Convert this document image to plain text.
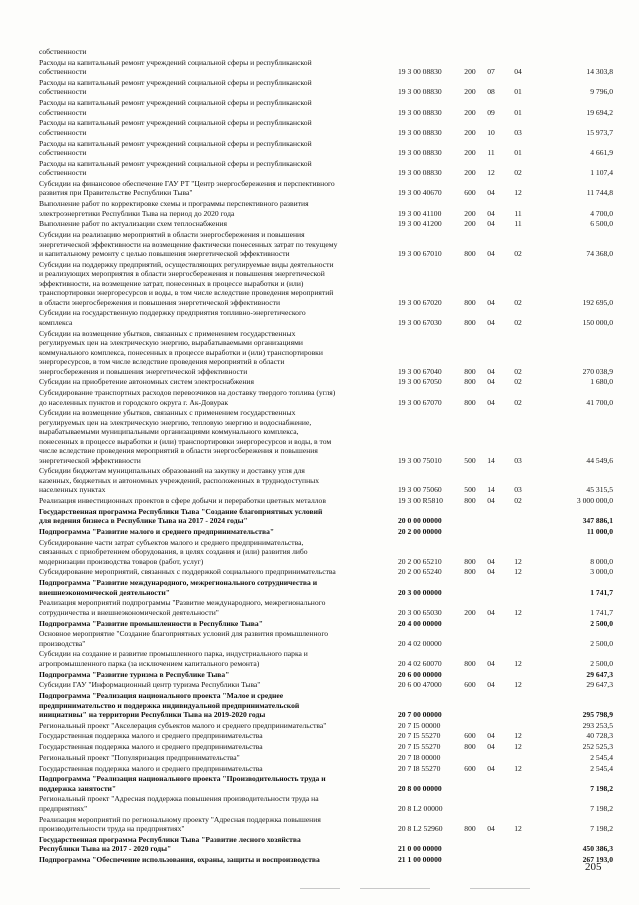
собственности
Расходы на капитальный ремонт учреждений социальной сферы и республиканской
собственности	19 3 00 08830	200	07	04	14 303,8
Расходы на капитальный ремонт учреждений социальной сферы и республиканской
собственности	19 3 00 08830	200	08	01	9 796,0
Расходы на капитальный ремонт учреждений социальной сферы и республиканской
собственности	19 3 00 08830	200	09	01	19 694,2
Расходы на капитальный ремонт учреждений социальной сферы и республиканской
собственности	19 3 00 08830	200	10	03	15 973,7
Расходы на капитальный ремонт учреждений социальной сферы и республиканской
собственности	19 3 00 08830	200	11	01	4 661,9
Расходы на капитальный ремонт учреждений социальной сферы и республиканской
собственности	19 3 00 08830	200	12	02	1 107,4
Субсидии на финансовое обеспечение ГАУ РТ "Центр энергосбережения и перспективного
развития при Правительстве Республики Тыва"	19 3 00 40670	600	04	12	11 744,8
Выполнение работ по корректировке схемы и программы перспективного развития
электроэнергетики Республики Тыва на период до 2020 года	19 3 00 41100	200	04	11	4 700,0
Выполнение работ по актуализации схем теплоснабжения	19 3 00 41200	200	04	11	6 500,0
Субсидии на реализацию мероприятий в области энергосбережения и повышения
энергетической эффективности на возмещение фактически понесенных затрат по текущему
и капитальному ремонту с целью повышения энергетической эффективности	19 3 00 67010	800	04	02	74 368,0
Субсидии на поддержку предприятий, осуществляющих регулируемые виды деятельности
и реализующих мероприятия в области энергосбережения и повышения энергетической
эффективности, на возмещение затрат, понесенных в процессе выработки и (или)
транспортировки энергоресурсов и воды, в том числе вследствие проведения мероприятий
в области энергосбережения и повышения энергетической эффективности	19 3 00 67020	800	04	02	192 695,0
Субсидии на государственную поддержку предприятия топливно-энергетического
комплекса	19 3 00 67030	800	04	02	150 000,0
Субсидии на возмещение убытков, связанных с применением государственных
регулируемых цен на электрическую энергию, вырабатываемыми организациями
коммунального комплекса, понесенных в процессе выработки и (или) транспортировки
энергоресурсов, в том числе вследствие проведения мероприятий в области
энергосбережения и повышения энергетической эффективности	19 3 00 67040	800	04	02	270 038,9
Субсидии на приобретение автономных систем электроснабжения	19 3 00 67050	800	04	02	1 680,0
Субсидирование транспортных расходов перевозчиков на доставку твердого топлива (угля)
до населенных пунктов и городского округа г. Ак-Довурак	19 3 00 67070	800	04	02	41 700,0
Субсидии на возмещение убытков, связанных с применением государственных
регулируемых цен на электрическую энергию, тепловую энергию и водоснабжение,
вырабатываемыми муниципальными организациями коммунального комплекса,
понесенных в процессе выработки и (или) транспортировки энергоресурсов и воды, в том
числе вследствие проведения мероприятий в области энергосбережения и повышения
энергетической эффективности	19 3 00 75010	500	14	03	44 549,6
Субсидии бюджетам муниципальных образований на закупку и доставку угля для
казенных, бюджетных и автономных учреждений, расположенных в труднодоступных
населенных пунктах	19 3 00 75060	500	14	03	45 315,5
Реализация инвестиционных проектов в сфере добычи и переработки цветных металлов	19 3 00 R5810	800	04	02	3 000 000,0
Государственная программа Республики Тыва "Создание благоприятных условий
для ведения бизнеса в Республике Тыва на 2017 - 2024 годы"	20 0 00 00000	347 886,1
Подпрограмма "Развитие малого и среднего предпринимательства"	20 2 00 00000	11 000,0
Субсидирование части затрат субъектов малого и среднего предпринимательства,
связанных с приобретением оборудования, в целях создания и (или) развития либо
модернизации производства товаров (работ, услуг)	20 2 00 65210	800	04	12	8 000,0
Субсидирование мероприятий, связанных с поддержкой социального предпринимательства	20 2 00 65240	800	04	12	3 000,0
Подпрограмма "Развитие международного, межрегионального сотрудничества и
внешнеэкономической деятельности"	20 3 00 00000	1 741,7
Реализация мероприятий подпрограммы "Развитие международного, межрегионального
сотрудничества и внешнеэкономической деятельности"	20 3 00 65030	200	04	12	1 741,7
Подпрограмма "Развитие промышленности в Республике Тыва"	20 4 00 00000	2 500,0
Основное мероприятие "Создание благоприятных условий для развития промышленного
производства"	20 4 02 00000	2 500,0
Субсидии на создание и развитие промышленного парка, индустриального парка и
агропромышленного парка (за исключением капитального ремонта)	20 4 02 60070	800	04	12	2 500,0
Подпрограмма "Развитие туризма в Республике Тыва"	20 6 00 00000	29 647,3
Субсидии ГАУ "Информационный центр туризма Республики Тыва"	20 6 00 47000	600	04	12	29 647,3
Подпрограмма "Реализация национального проекта "Малое и среднее
предпринимательство и поддержка индивидуальной предпринимательской
инициативы" на территории Республики Тыва на 2019-2020 годы	20 7 00 00000	295 798,9
Региональный проект "Акселерация субъектов малого и среднего предпринимательства"	20 7 I5 00000	293 253,5
Государственная поддержка малого и среднего предпринимательства	20 7 I5 55270	600	04	12	40 728,3
Государственная поддержка малого и среднего предпринимательства	20 7 I5 55270	800	04	12	252 525,3
Региональный проект "Популяризация предпринимательства"	20 7 I8 00000	2 545,4
Государственная поддержка малого и среднего предпринимательства	20 7 I8 55270	600	04	12	2 545,4
Подпрограмма "Реализация национального проекта "Производительность труда и
поддержка занятости"	20 8 00 00000	7 198,2
Региональный проект "Адресная поддержка повышения производительности труда на
предприятиях"	20 8 L2 00000	7 198,2
Реализация мероприятий по региональному проекту "Адресная поддержка повышения
производительности труда на предприятиях"	20 8 L2 52960	800	04	12	7 198,2
Государственная программа Республики Тыва "Развитие лесного хозяйства
Республики Тыва на 2017 - 2020 годы"	21 0 00 00000	450 386,3
Подпрограмма "Обеспечение использования, охраны, защиты и воспроизводства	21 1 00 00000	267 193,0
205
